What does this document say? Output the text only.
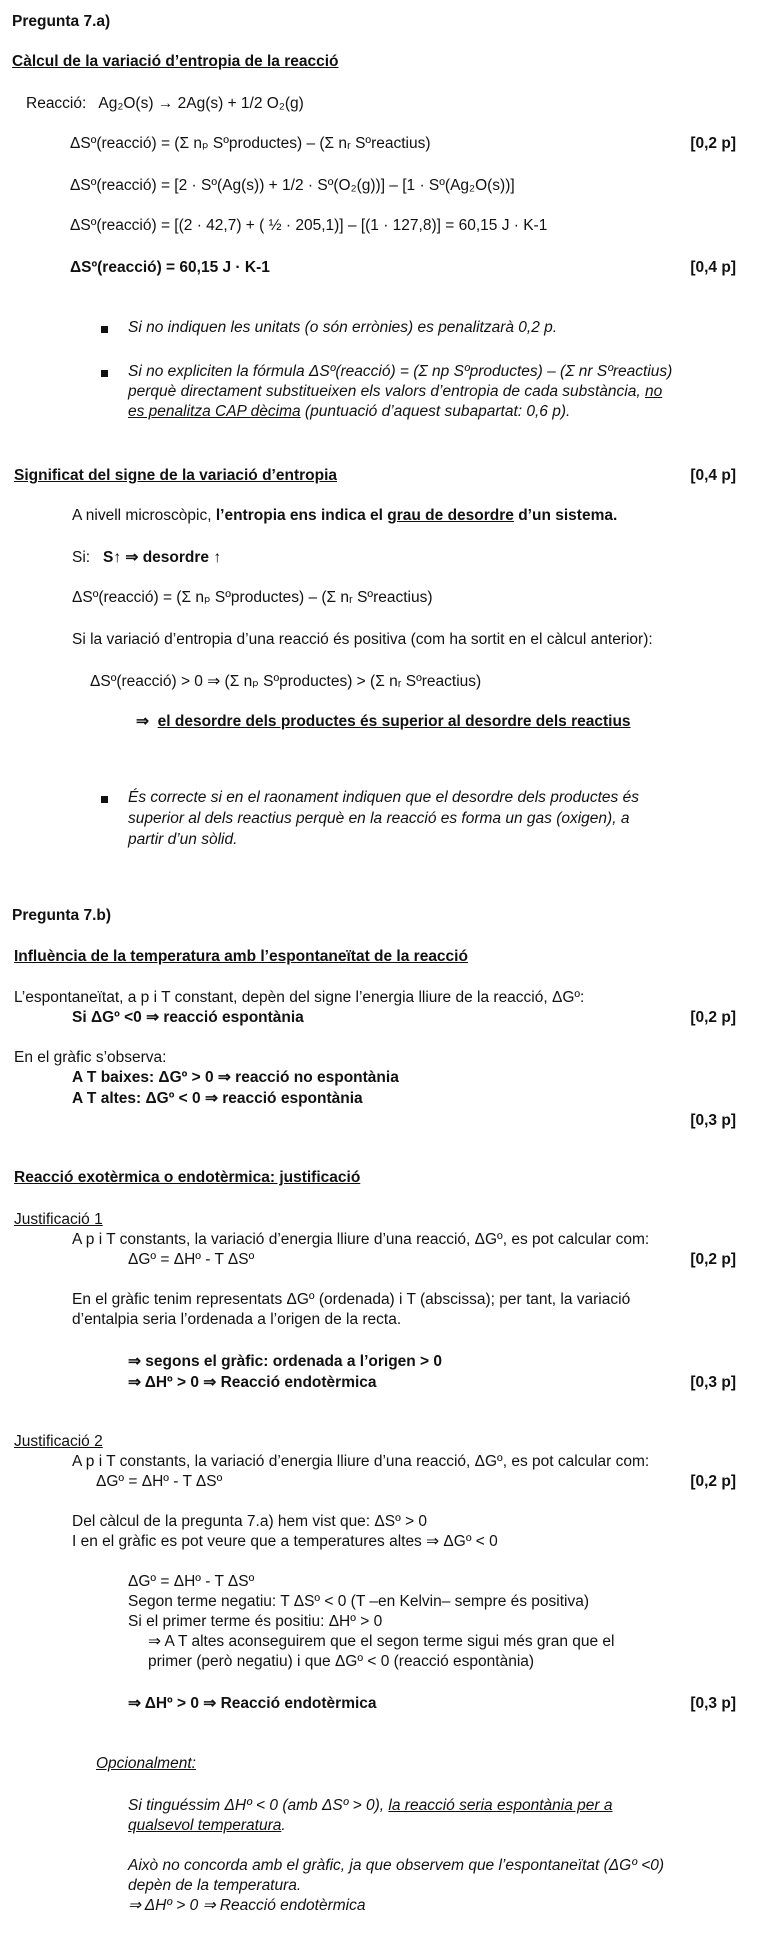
Pregunta 7.a)
Càlcul de la variació d’entropia de la reacció
Reacció: Ag₂O(s) → 2Ag(s) + 1/2 O₂(g)
ΔSº(reacció) = (Σ nₚ Sºproductes) – (Σ nᵣ Sºreactius)	[0,2 p]
ΔSº(reacció) = [2 · Sº(Ag(s)) + 1/2 · Sº(O₂(g))] – [1 · Sº(Ag₂O(s))]
ΔSº(reacció) = [(2 · 42,7) + ( ½ · 205,1)] – [(1 · 127,8)] = 60,15 J · K-1
ΔSº(reacció) = 60,15 J · K-1	[0,4 p]
Si no indiquen les unitats (o són errònies) es penalitzarà 0,2 p.
Si no expliciten la fórmula ΔSº(reacció) = (Σ np Sºproductes) – (Σ nr Sºreactius)
perquè directament substitueixen els valors d’entropia de cada substància, no
es penalitza CAP dècima (puntuació d’aquest subapartat: 0,6 p).
Significat del signe de la variació d’entropia	[0,4 p]
A nivell microscòpic, l’entropia ens indica el grau de desordre d’un sistema.
Si: S↑ ⇒ desordre ↑
ΔSº(reacció) = (Σ nₚ Sºproductes) – (Σ nᵣ Sºreactius)
Si la variació d’entropia d’una reacció és positiva (com ha sortit en el càlcul anterior):
ΔSº(reacció) > 0 ⇒ (Σ nₚ Sºproductes) > (Σ nᵣ Sºreactius)
⇒ el desordre dels productes és superior al desordre dels reactius
És correcte si en el raonament indiquen que el desordre dels productes és
superior al dels reactius perquè en la reacció es forma un gas (oxigen), a
partir d’un sòlid.
Pregunta 7.b)
Influència de la temperatura amb l’espontaneïtat de la reacció
L’espontaneïtat, a p i T constant, depèn del signe l’energia lliure de la reacció, ΔGº:
Si ΔGº <0 ⇒ reacció espontània	[0,2 p]
En el gràfic s’observa:
A T baixes: ΔGº > 0 ⇒ reacció no espontània
A T altes: ΔGº < 0 ⇒ reacció espontània
[0,3 p]
Reacció exotèrmica o endotèrmica: justificació
Justificació 1
A p i T constants, la variació d’energia lliure d’una reacció, ΔGº, es pot calcular com:
ΔGº = ΔHº - T ΔSº	[0,2 p]
En el gràfic tenim representats ΔGº (ordenada) i T (abscissa); per tant, la variació
d’entalpia seria l’ordenada a l’origen de la recta.
⇒ segons el gràfic: ordenada a l’origen > 0
⇒ ΔHº > 0 ⇒ Reacció endotèrmica	[0,3 p]
Justificació 2
A p i T constants, la variació d’energia lliure d’una reacció, ΔGº, es pot calcular com:
ΔGº = ΔHº - T ΔSº	[0,2 p]
Del càlcul de la pregunta 7.a) hem vist que: ΔSº > 0
I en el gràfic es pot veure que a temperatures altes ⇒ ΔGº < 0
ΔGº = ΔHº - T ΔSº
Segon terme negatiu: T ΔSº < 0 (T –en Kelvin– sempre és positiva)
Si el primer terme és positiu: ΔHº > 0
⇒ A T altes aconseguirem que el segon terme sigui més gran que el
primer (però negatiu) i que ΔGº < 0 (reacció espontània)
⇒ ΔHº > 0 ⇒ Reacció endotèrmica	[0,3 p]
Opcionalment:
Si tinguéssim ΔHº < 0 (amb ΔSº > 0), la reacció seria espontània per a
qualsevol temperatura.
Això no concorda amb el gràfic, ja que observem que l’espontaneïtat (ΔGº <0)
depèn de la temperatura.
⇒ ΔHº > 0 ⇒ Reacció endotèrmica
